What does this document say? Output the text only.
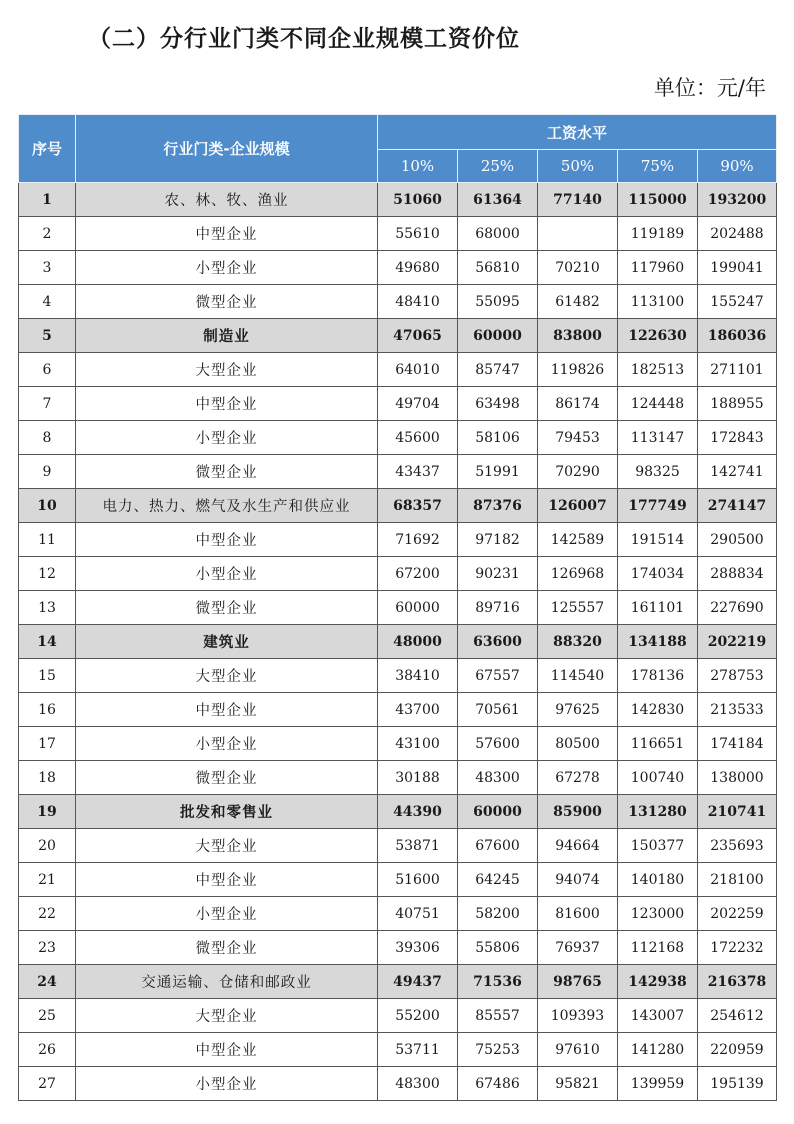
（二）分行业门类不同企业规模工资价位
单位：元/年
序号	行业门类-企业规模	工资水平				
		10%	25%	50%	75%	90%
1	农、林、牧、渔业	51060	61364	77140	115000	193200
2	中型企业	55610	68000		119189	202488
3	小型企业	49680	56810	70210	117960	199041
4	微型企业	48410	55095	61482	113100	155247
5	制造业	47065	60000	83800	122630	186036
6	大型企业	64010	85747	119826	182513	271101
7	中型企业	49704	63498	86174	124448	188955
8	小型企业	45600	58106	79453	113147	172843
9	微型企业	43437	51991	70290	98325	142741
10	电力、热力、燃气及水生产和供应业	68357	87376	126007	177749	274147
11	中型企业	71692	97182	142589	191514	290500
12	小型企业	67200	90231	126968	174034	288834
13	微型企业	60000	89716	125557	161101	227690
14	建筑业	48000	63600	88320	134188	202219
15	大型企业	38410	67557	114540	178136	278753
16	中型企业	43700	70561	97625	142830	213533
17	小型企业	43100	57600	80500	116651	174184
18	微型企业	30188	48300	67278	100740	138000
19	批发和零售业	44390	60000	85900	131280	210741
20	大型企业	53871	67600	94664	150377	235693
21	中型企业	51600	64245	94074	140180	218100
22	小型企业	40751	58200	81600	123000	202259
23	微型企业	39306	55806	76937	112168	172232
24	交通运输、仓储和邮政业	49437	71536	98765	142938	216378
25	大型企业	55200	85557	109393	143007	254612
26	中型企业	53711	75253	97610	141280	220959
27	小型企业	48300	67486	95821	139959	195139
